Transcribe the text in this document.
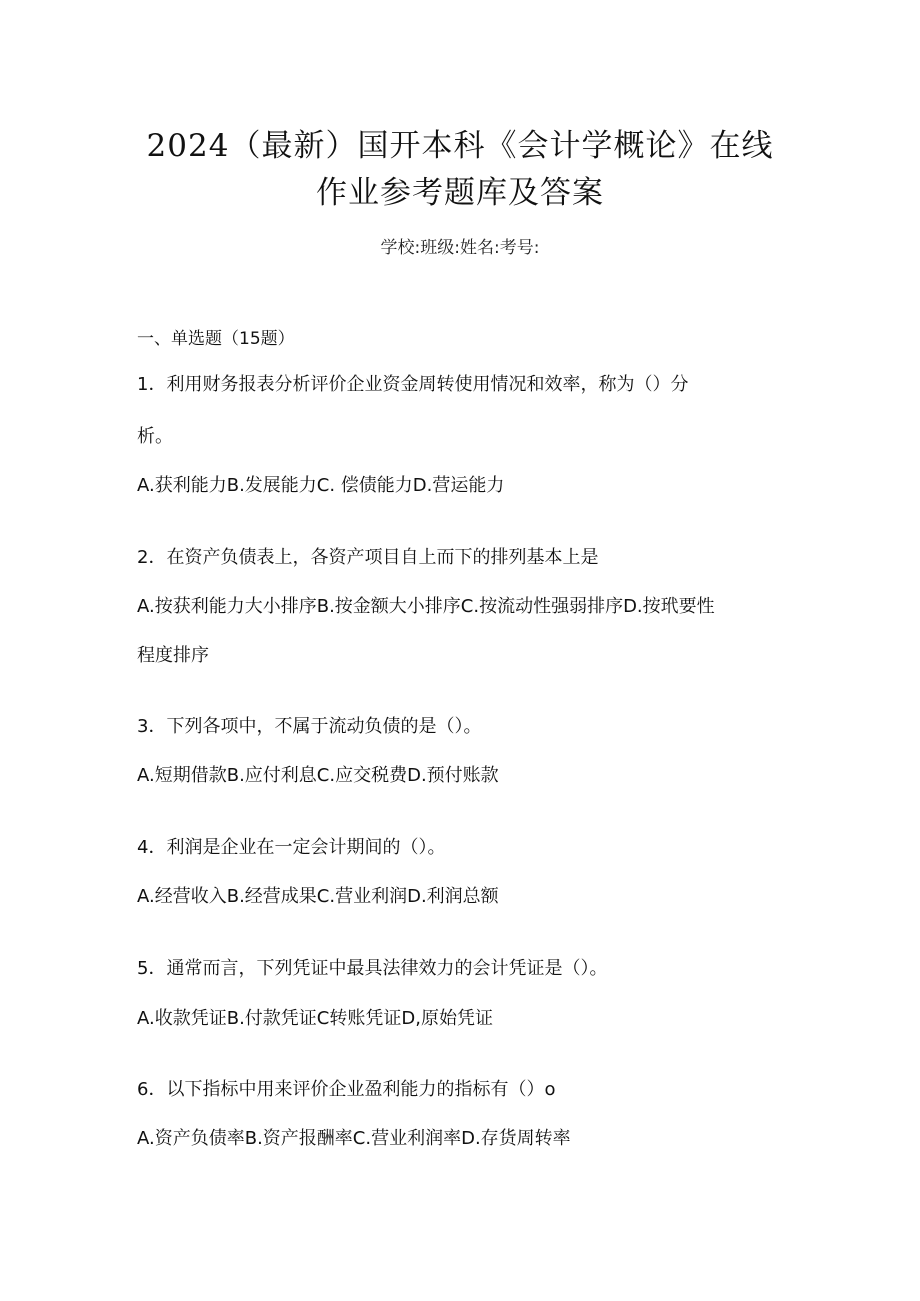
2024（最新）国开本科《会计学概论》在线
作业参考题库及答案
学校:班级:姓名:考号:
一、单选题（15题）
1．利用财务报表分析评价企业资金周转使用情况和效率，称为（）分
析。
A.获利能力B.发展能力C. 偿债能力D.营运能力
2．在资产负债表上，各资产项目自上而下的排列基本上是
A.按获利能力大小排序B.按金额大小排序C.按流动性强弱排序D.按玳要性
程度排序
3．下列各项中，不属于流动负债的是（）。
A.短期借款B.应付利息C.应交税费D.预付账款
4．利润是企业在一定会计期间的（）。
A.经营收入B.经营成果C.营业利润D.利润总额
5．通常而言，下列凭证中最具法律效力的会计凭证是（）。
A.收款凭证B.付款凭证C转账凭证D,原始凭证
6．以下指标中用来评价企业盈利能力的指标有（）o
A.资产负债率B.资产报酬率C.营业利润率D.存货周转率
